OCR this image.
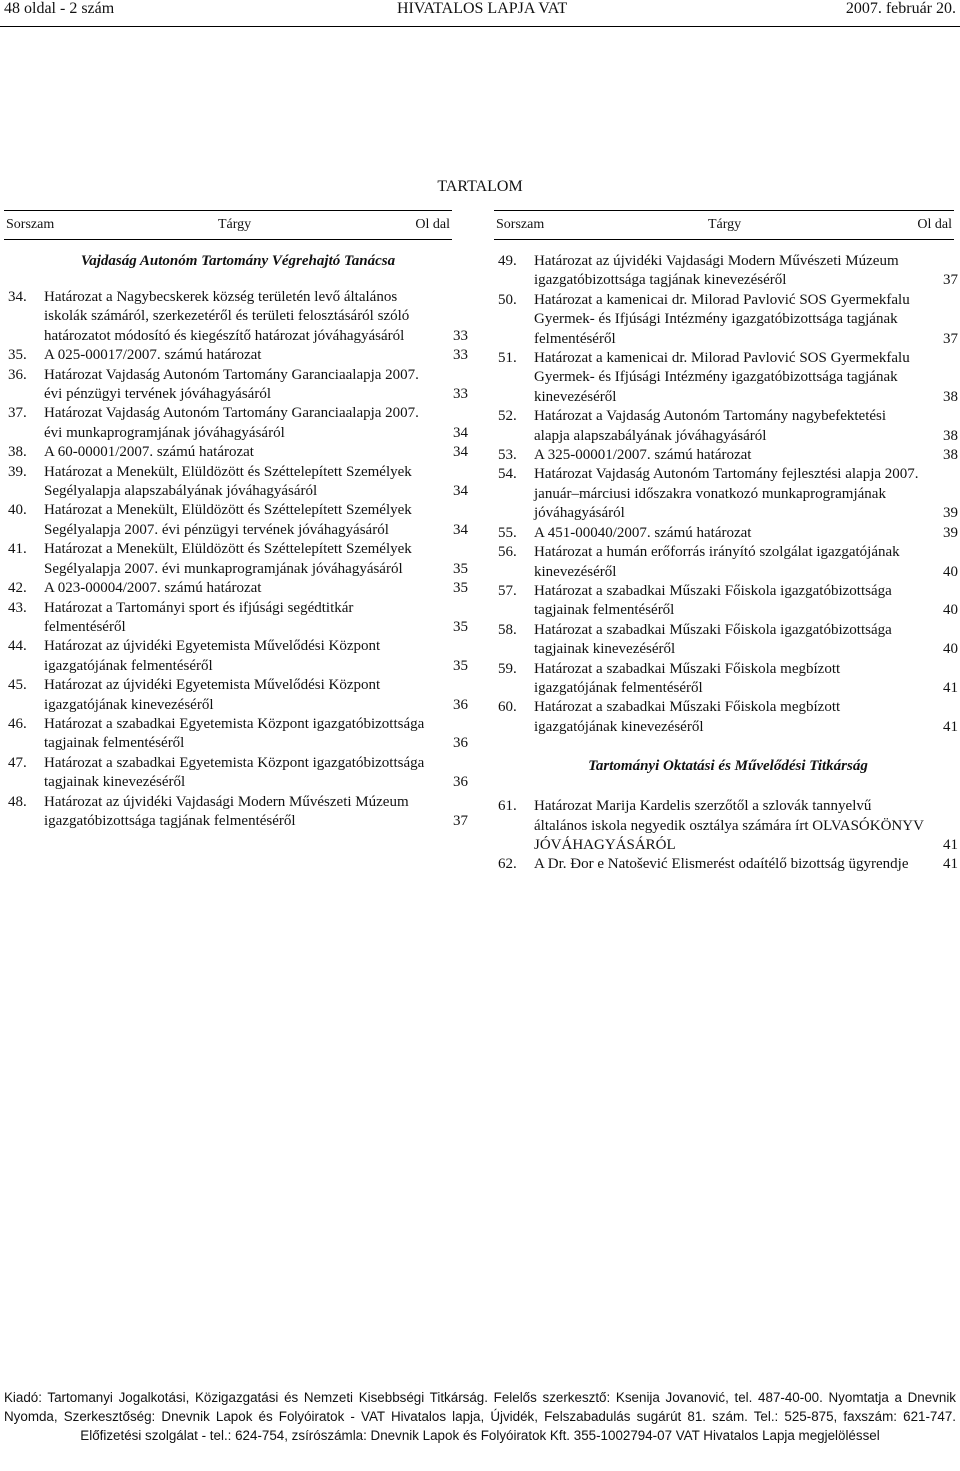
48 oldal - 2 szám	HIVATALOS LAPJA VAT	2007. február 20.
TARTALOM
Sorszam	Tárgy	Ol dal	Sorszam	Tárgy	Ol dal
Vajdaság Autonóm Tartomány Végrehajtó Tanácsa
34. Határozat a Nagybecskerek község területén levő általános iskolák számáról, szerkezetéről és területi felosztásáról szóló határozatot módosító és kiegészítő határozat jóváhagyásáról	33
35. A 025-00017/2007. számú határozat	33
36. Határozat Vajdaság Autonóm Tartomány Garanciaalapja 2007. évi pénzügyi tervének jóváhagyásáról	33
37. Határozat Vajdaság Autonóm Tartomány Garanciaalapja 2007. évi munkaprogramjának jóváhagyásáról	34
38. A 60-00001/2007. számú határozat	34
39. Határozat a Menekült, Elüldözött és Széttelepített Személyek Segélyalapja alapszabályának jóváhagyásáról	34
40. Határozat a Menekült, Elüldözött és Széttelepített Személyek Segélyalapja 2007. évi pénzügyi tervének jóváhagyásáról	34
41. Határozat a Menekült, Elüldözött és Széttelepített Személyek Segélyalapja 2007. évi munkaprogramjának jóváhagyásáról	35
42. A 023-00004/2007. számú határozat	35
43. Határozat a Tartományi sport és ifjúsági segédtitkár felmentéséről	35
44. Határozat az újvidéki Egyetemista Művelődési Központ igazgatójának felmentéséről	35
45. Határozat az újvidéki Egyetemista Művelődési Központ igazgatójának kinevezéséről	36
46. Határozat a szabadkai Egyetemista Központ igazgatóbizottsága tagjainak felmentéséről	36
47. Határozat a szabadkai Egyetemista Központ igazgatóbizottsága tagjainak kinevezéséről	36
48. Határozat az újvidéki Vajdasági Modern Művészeti Múzeum igazgatóbizottsága tagjának felmentéséről	37
49. Határozat az újvidéki Vajdasági Modern Művészeti Múzeum igazgatóbizottsága tagjának kinevezéséről	37
50. Határozat a kamenicai dr. Milorad Pavlović SOS Gyermekfalu Gyermek- és Ifjúsági Intézmény igazgatóbizottsága tagjának felmentéséről	37
51. Határozat a kamenicai dr. Milorad Pavlović SOS Gyermekfalu Gyermek- és Ifjúsági Intézmény igazgatóbizottsága tagjának kinevezéséről	38
52. Határozat a Vajdaság Autonóm Tartomány nagybefektetési alapja alapszabályának jóváhagyásáról	38
53. A 325-00001/2007. számú határozat	38
54. Határozat Vajdaság Autonóm Tartomány fejlesztési alapja 2007. január–márciusi időszakra vonatkozó munkaprogramjának jóváhagyásáról	39
55. A 451-00040/2007. számú határozat	39
56. Határozat a humán erőforrás irányító szolgálat igazgatójának kinevezéséről	40
57. Határozat a szabadkai Műszaki Főiskola igazgatóbizottsága tagjainak felmentéséről	40
58. Határozat a szabadkai Műszaki Főiskola igazgatóbizottsága tagjainak kinevezéséről	40
59. Határozat a szabadkai Műszaki Főiskola megbízott igazgatójának felmentéséről	41
60. Határozat a szabadkai Műszaki Főiskola megbízott igazgatójának kinevezéséről	41
Tartományi Oktatási és Művelődési Titkárság
61. Határozat Marija Kardelis szerzőtől a szlovák tannyelvű általános iskola negyedik osztálya számára írt OLVASÓKÖNYV JÓVÁHAGYÁSÁRÓL	41
62. A Dr. Đor e Natošević Elismerést odaítélő bizottság ügyrendje	41
Kiadó: Tartomanyi Jogalkotási, Közigazgatási és Nemzeti Kisebbségi Titkárság. Felelős szerkesztő: Ksenija Jovanović, tel. 487-40-00. Nyomtatja a Dnevnik Nyomda, Szerkesztőség: Dnevnik Lapok és Folyóiratok - VAT Hivatalos lapja, Újvidék, Felszabadulás sugárút 81. szám. Tel.: 525-875, faxszám: 621-747. Előfizetési szolgálat - tel.: 624-754, zsírószámla: Dnevnik Lapok és Folyóiratok Kft. 355-1002794-07 VAT Hivatalos Lapja megjelöléssel
